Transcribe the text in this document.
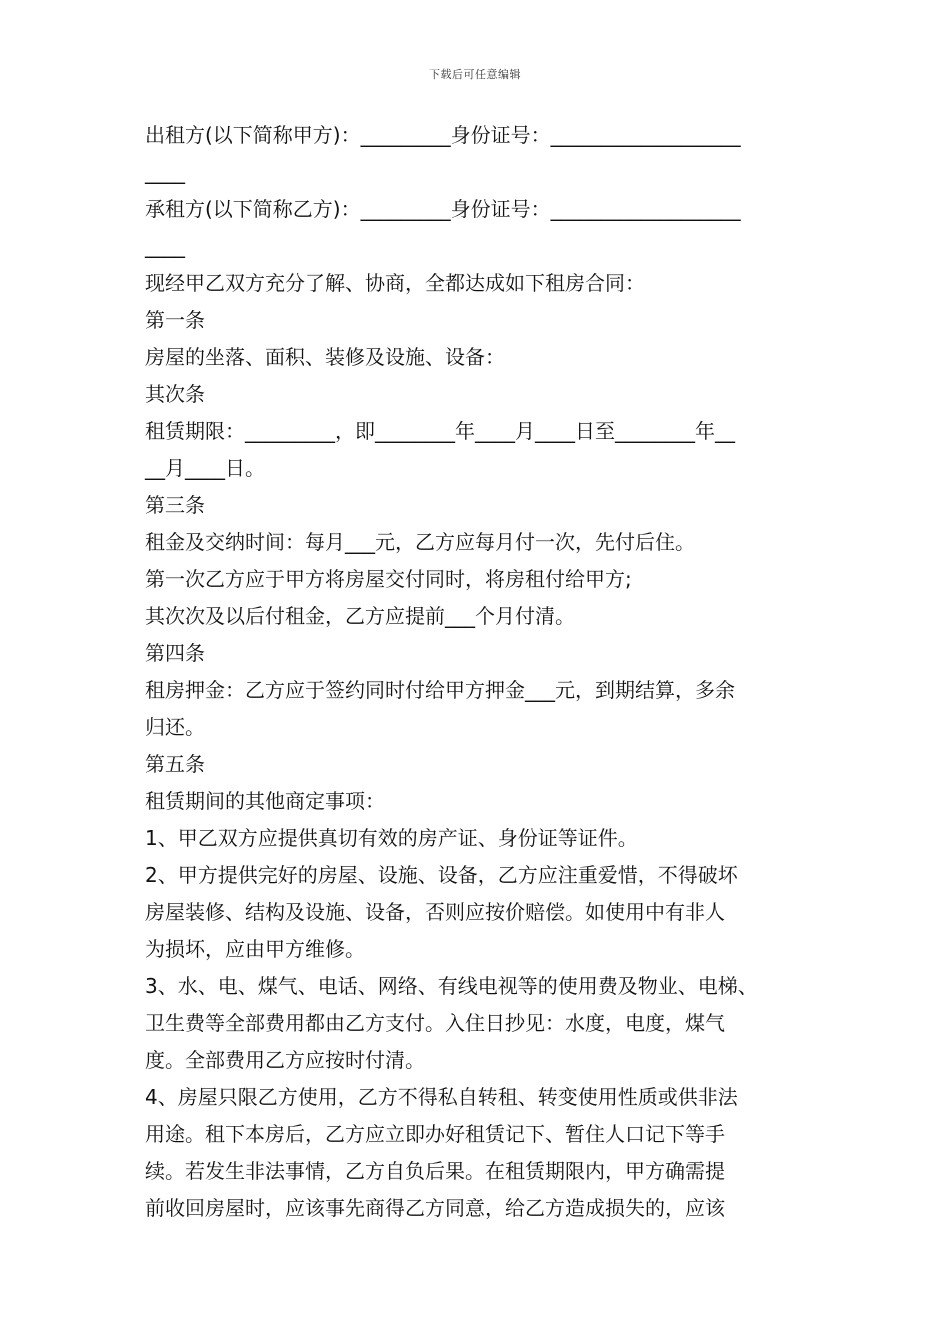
下载后可任意编辑
出租方(以下简称甲方)：_________身份证号：___________________
____
承租方(以下简称乙方)：_________身份证号：___________________
____
现经甲乙双方充分了解、协商，全都达成如下租房合同：
第一条
房屋的坐落、面积、装修及设施、设备：
其次条
租赁期限：_________，即________年____月____日至________年__
__月____日。
第三条
租金及交纳时间：每月___元，乙方应每月付一次，先付后住。
第一次乙方应于甲方将房屋交付同时，将房租付给甲方;
其次次及以后付租金，乙方应提前___个月付清。
第四条
租房押金：乙方应于签约同时付给甲方押金___元，到期结算，多余
归还。
第五条
租赁期间的其他商定事项：
1、甲乙双方应提供真切有效的房产证、身份证等证件。
2、甲方提供完好的房屋、设施、设备，乙方应注重爱惜，不得破坏
房屋装修、结构及设施、设备，否则应按价赔偿。如使用中有非人
为损坏，应由甲方维修。
3、水、电、煤气、电话、网络、有线电视等的使用费及物业、电梯、
卫生费等全部费用都由乙方支付。入住日抄见：水度，电度，煤气
度。全部费用乙方应按时付清。
4、房屋只限乙方使用，乙方不得私自转租、转变使用性质或供非法
用途。租下本房后，乙方应立即办好租赁记下、暂住人口记下等手
续。若发生非法事情，乙方自负后果。在租赁期限内，甲方确需提
前收回房屋时，应该事先商得乙方同意，给乙方造成损失的，应该
